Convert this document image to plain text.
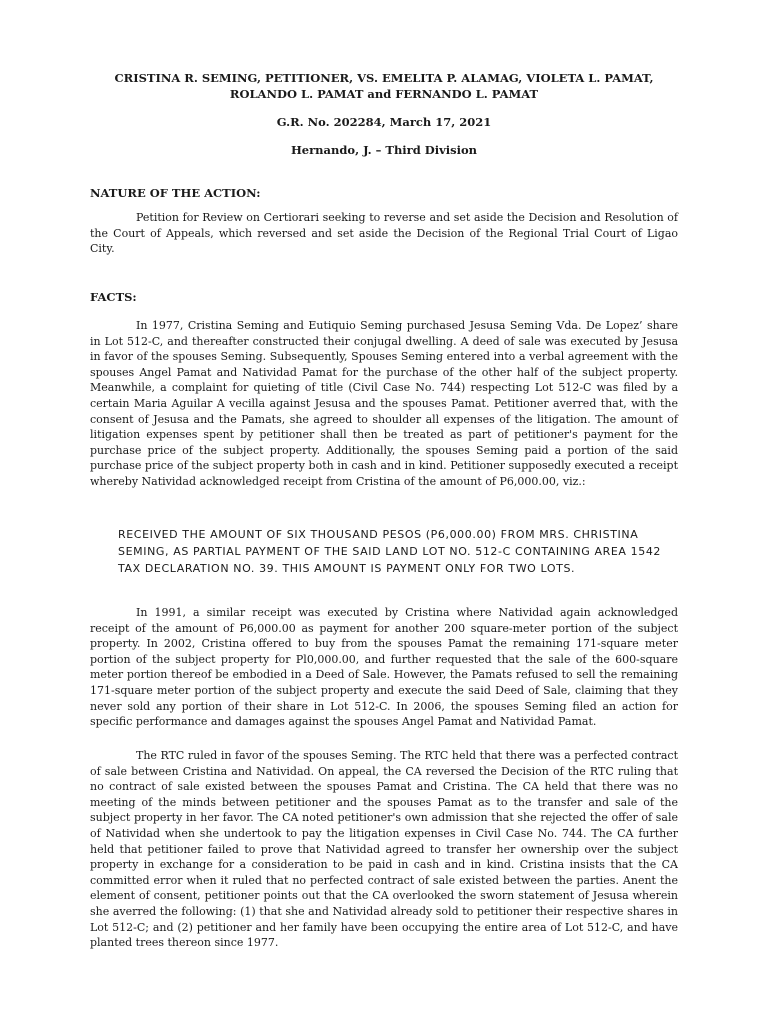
CRISTINA R. SEMING, PETITIONER, VS. EMELITA P. ALAMAG, VIOLETA L. PAMAT, ROLANDO L. PAMAT and FERNANDO L. PAMAT

G.R. No. 202284, March 17, 2021

Hernando, J. – Third Division

NATURE OF THE ACTION:

Petition for Review on Certiorari seeking to reverse and set aside the Decision and Resolution of the Court of Appeals, which reversed and set aside the Decision of the Regional Trial Court of Ligao City.

FACTS:

In 1977, Cristina Seming and Eutiquio Seming purchased Jesusa Seming Vda. De Lopez’ share in Lot 512-C, and thereafter constructed their conjugal dwelling. A deed of sale was executed by Jesusa in favor of the spouses Seming. Subsequently, Spouses Seming entered into a verbal agreement with the spouses Angel Pamat and Natividad Pamat for the purchase of the other half of the subject property. Meanwhile, a complaint for quieting of title (Civil Case No. 744) respecting Lot 512-C was filed by a certain Maria Aguilar A vecilla against Jesusa and the spouses Pamat. Petitioner averred that, with the consent of Jesusa and the Pamats, she agreed to shoulder all expenses of the litigation. The amount of litigation expenses spent by petitioner shall then be treated as part of petitioner's payment for the purchase price of the subject property. Additionally, the spouses Seming paid a portion of the said purchase price of the subject property both in cash and in kind. Petitioner supposedly executed a receipt whereby Natividad acknowledged receipt from Cristina of the amount of P6,000.00, viz.:

RECEIVED THE AMOUNT OF SIX THOUSAND PESOS (P6,000.00) FROM MRS. CHRISTINA SEMING, AS PARTIAL PAYMENT OF THE SAID LAND LOT NO. 512-C CONTAINING AREA 1542 TAX DECLARATION NO. 39. THIS AMOUNT IS PAYMENT ONLY FOR TWO LOTS.

In 1991, a similar receipt was executed by Cristina where Natividad again acknowledged receipt of the amount of P6,000.00 as payment for another 200 square-meter portion of the subject property. In 2002, Cristina offered to buy from the spouses Pamat the remaining 171-square meter portion of the subject property for Pl0,000.00, and further requested that the sale of the 600-square meter portion thereof be embodied in a Deed of Sale. However, the Pamats refused to sell the remaining 171-square meter portion of the subject property and execute the said Deed of Sale, claiming that they never sold any portion of their share in Lot 512-C. In 2006, the spouses Seming filed an action for specific performance and damages against the spouses Angel Pamat and Natividad Pamat.

The RTC ruled in favor of the spouses Seming. The RTC held that there was a perfected contract of sale between Cristina and Natividad. On appeal, the CA reversed the Decision of the RTC ruling that no contract of sale existed between the spouses Pamat and Cristina. The CA held that there was no meeting of the minds between petitioner and the spouses Pamat as to the transfer and sale of the subject property in her favor. The CA noted petitioner's own admission that she rejected the offer of sale of Natividad when she undertook to pay the litigation expenses in Civil Case No. 744. The CA further held that petitioner failed to prove that Natividad agreed to transfer her ownership over the subject property in exchange for a consideration to be paid in cash and in kind. Cristina insists that the CA committed error when it ruled that no perfected contract of sale existed between the parties. Anent the element of consent, petitioner points out that the CA overlooked the sworn statement of Jesusa wherein she averred the following: (1) that she and Natividad already sold to petitioner their respective shares in Lot 512-C; and (2) petitioner and her family have been occupying the entire area of Lot 512-C, and have planted trees thereon since 1977.
